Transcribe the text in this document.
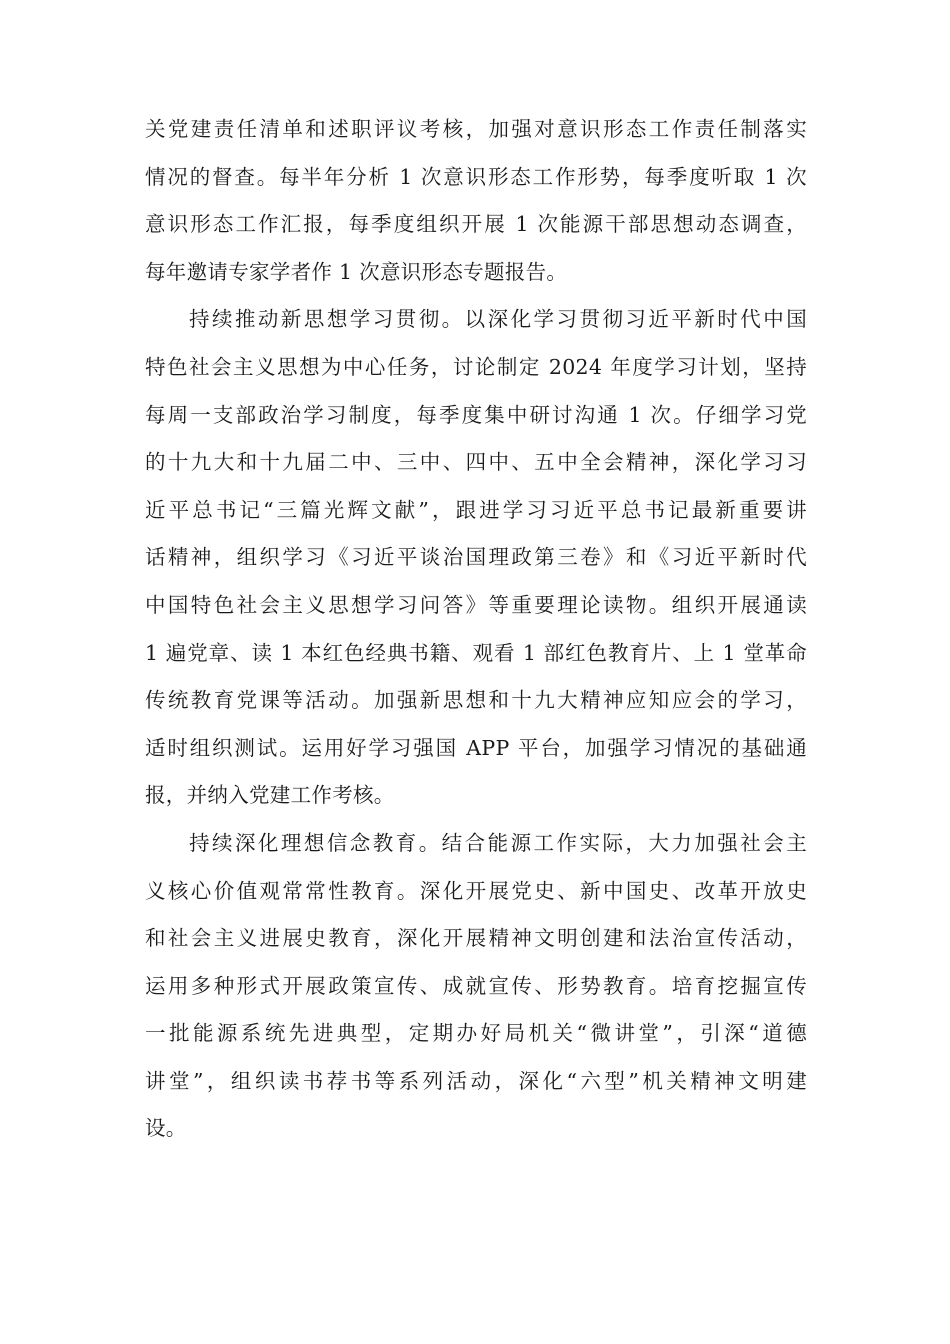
关党建责任清单和述职评议考核，加强对意识形态工作责任制落实
情况的督查。每半年分析 1 次意识形态工作形势，每季度听取 1 次
意识形态工作汇报，每季度组织开展 1 次能源干部思想动态调查，
每年邀请专家学者作 1 次意识形态专题报告。
持续推动新思想学习贯彻。以深化学习贯彻习近平新时代中国
特色社会主义思想为中心任务，讨论制定 2024 年度学习计划，坚持
每周一支部政治学习制度，每季度集中研讨沟通 1 次。仔细学习党
的十九大和十九届二中、三中、四中、五中全会精神，深化学习习
近平总书记“三篇光辉文献”，跟进学习习近平总书记最新重要讲
话精神，组织学习《习近平谈治国理政第三卷》和《习近平新时代
中国特色社会主义思想学习问答》等重要理论读物。组织开展通读
1 遍党章、读 1 本红色经典书籍、观看 1 部红色教育片、上 1 堂革命
传统教育党课等活动。加强新思想和十九大精神应知应会的学习，
适时组织测试。运用好学习强国 APP 平台，加强学习情况的基础通
报，并纳入党建工作考核。
持续深化理想信念教育。结合能源工作实际，大力加强社会主
义核心价值观常常性教育。深化开展党史、新中国史、改革开放史
和社会主义进展史教育，深化开展精神文明创建和法治宣传活动，
运用多种形式开展政策宣传、成就宣传、形势教育。培育挖掘宣传
一批能源系统先进典型，定期办好局机关“微讲堂”，引深“道德
讲堂”，组织读书荐书等系列活动，深化“六型”机关精神文明建
设。
